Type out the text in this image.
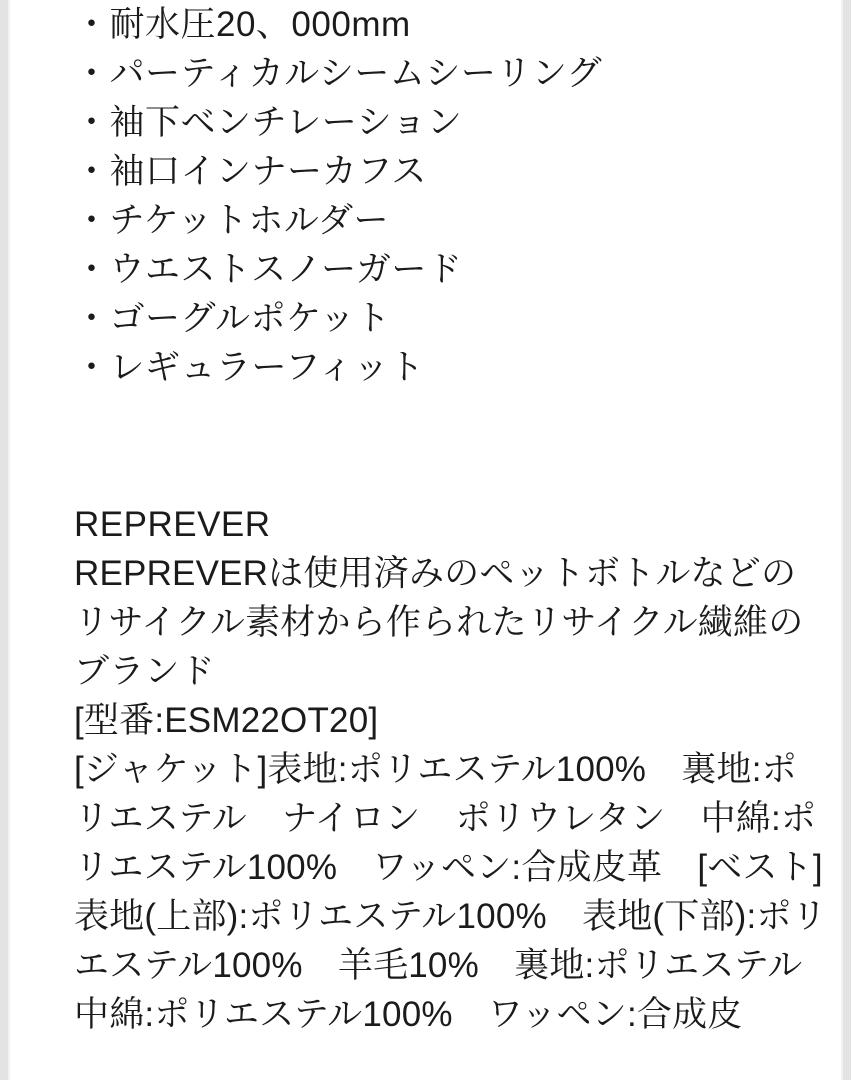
・耐水圧20、000mm
・パーティカルシームシーリング
・袖下ベンチレーション
・袖口インナーカフス
・チケットホルダー
・ウエストスノーガード
・ゴーグルポケット
・レギュラーフィット

REPREVER

REPREVERは使用済みのペットボトルなどのリサイクル素材から作られたリサイクル繊維のブランド

[型番:ESM22OT20]

[ジャケット]表地:ポリエステル100%　裏地:ポリエステル　ナイロン　ポリウレタン　中綿:ポリエステル100%　ワッペン:合成皮革　[ベスト]表地(上部):ポリエステル100%　表地(下部):ポリエステル100%　羊毛10%　裏地:ポリエステル　中綿:ポリエステル100%　ワッペン:合成皮
